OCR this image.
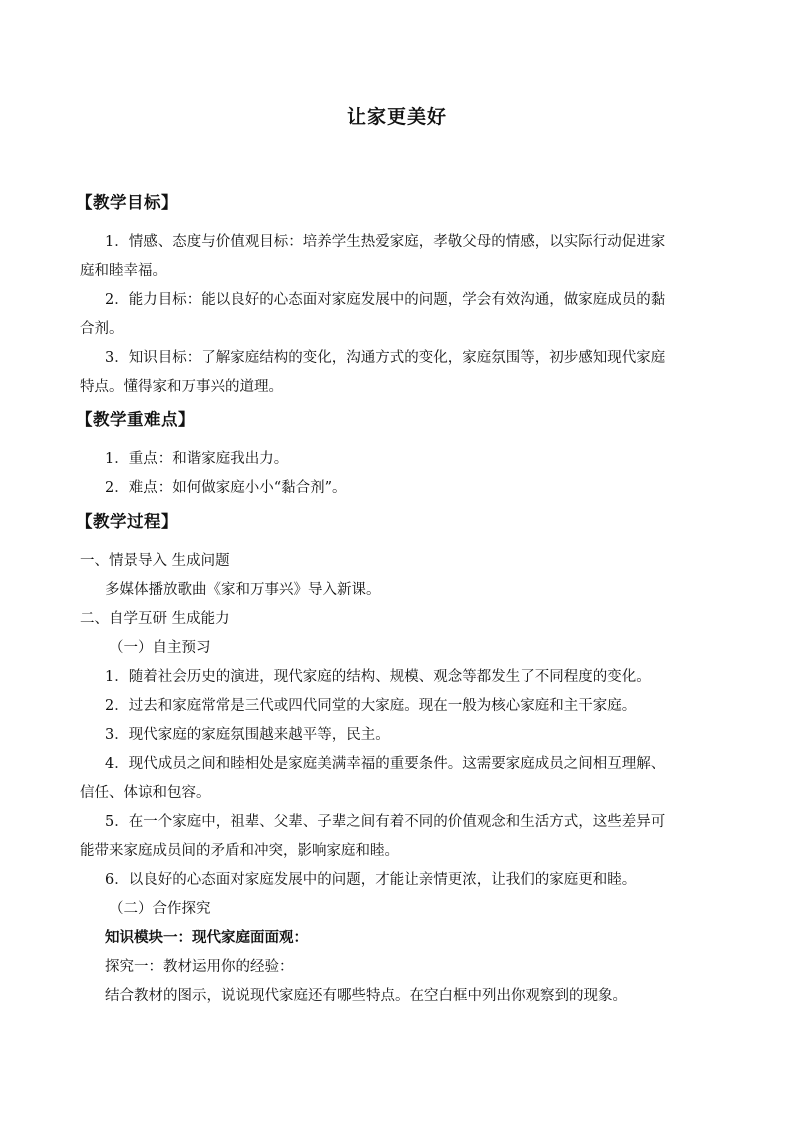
让家更美好
【教学目标】
1．情感、态度与价值观目标：培养学生热爱家庭，孝敬父母的情感，以实际行动促进家
庭和睦幸福。
2．能力目标：能以良好的心态面对家庭发展中的问题，学会有效沟通，做家庭成员的黏
合剂。
3．知识目标：了解家庭结构的变化，沟通方式的变化，家庭氛围等，初步感知现代家庭
特点。懂得家和万事兴的道理。
【教学重难点】
1．重点：和谐家庭我出力。
2．难点：如何做家庭小小“黏合剂”。
【教学过程】
一、情景导入 生成问题
多媒体播放歌曲《家和万事兴》导入新课。
二、自学互研 生成能力
（一）自主预习
1．随着社会历史的演进，现代家庭的结构、规模、观念等都发生了不同程度的变化。
2．过去和家庭常常是三代或四代同堂的大家庭。现在一般为核心家庭和主干家庭。
3．现代家庭的家庭氛围越来越平等，民主。
4．现代成员之间和睦相处是家庭美满幸福的重要条件。这需要家庭成员之间相互理解、
信任、体谅和包容。
5．在一个家庭中，祖辈、父辈、子辈之间有着不同的价值观念和生活方式，这些差异可
能带来家庭成员间的矛盾和冲突，影响家庭和睦。
6．以良好的心态面对家庭发展中的问题，才能让亲情更浓，让我们的家庭更和睦。
（二）合作探究
知识模块一：现代家庭面面观：
探究一：教材运用你的经验：
结合教材的图示，说说现代家庭还有哪些特点。在空白框中列出你观察到的现象。
